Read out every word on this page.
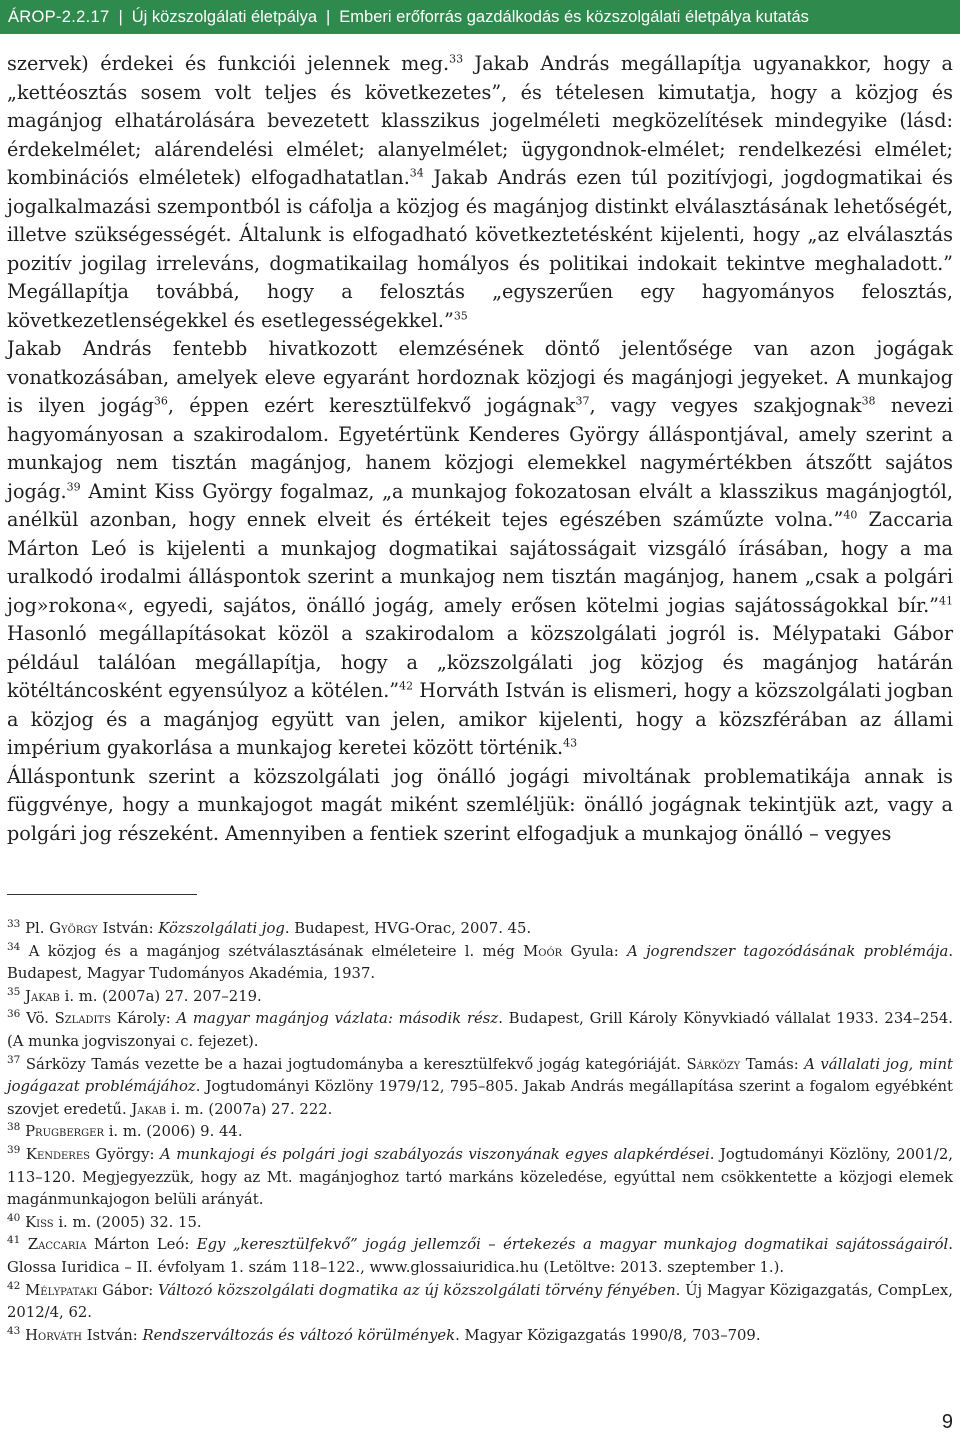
ÁROP-2.2.17 | Új közszolgálati életpálya | Emberi erőforrás gazdálkodás és közszolgálati életpálya kutatás

szervek) érdekei és funkciói jelennek meg.$^{33}$ Jakab András megállapítja ugyanakkor, hogy a „kettéosztás sosem volt teljes és következetes”, és tételesen kimutatja, hogy a közjog és magánjog elhatárolására bevezetett klasszikus jogelméleti megközelítések mindegyike (lásd: érdekelmélet; alárendelési elmélet; alanyelmélet; ügygondnok-elmélet; rendelkezési elmélet; kombinációs elméletek) elfogadhatatlan.$^{34}$ Jakab András ezen túl pozitívjogi, jogdogmatikai és jogalkalmazási szempontból is cáfolja a közjog és magánjog distinkt elválasztásának lehetőségét, illetve szükségességét. Általunk is elfogadható következtetésként kijelenti, hogy „az elválasztás pozitív jogilag irreleváns, dogmatikailag homályos és politikai indokait tekintve meghaladott.” Megállapítja továbbá, hogy a felosztás „egyszerűen egy hagyományos felosztás, következetlenségekkel és esetlegességekkel.”$^{35}$

Jakab András fentebb hivatkozott elemzésének döntő jelentősége van azon jogágak vonatkozásában, amelyek eleve egyaránt hordoznak közjogi és magánjogi jegyeket. A munkajog is ilyen jogág$^{36}$, éppen ezért keresztülfekvő jogágnak$^{37}$, vagy vegyes szakjognak$^{38}$ nevezi hagyományosan a szakirodalom. Egyetértünk Kenderes György álláspontjával, amely szerint a munkajog nem tisztán magánjog, hanem közjogi elemekkel nagymértékben átszőtt sajátos jogág.$^{39}$ Amint Kiss György fogalmaz, „a munkajog fokozatosan elvált a klasszikus magánjogtól, anélkül azonban, hogy ennek elveit és értékeit tejes egészében száműzte volna.”$^{40}$ Zaccaria Márton Leó is kijelenti a munkajog dogmatikai sajátosságait vizsgáló írásában, hogy a ma uralkodó irodalmi álláspontok szerint a munkajog nem tisztán magánjog, hanem „csak a polgári jog»rokona«, egyedi, sajátos, önálló jogág, amely erősen kötelmi jogias sajátosságokkal bír.”$^{41}$ Hasonló megállapításokat közöl a szakirodalom a közszolgálati jogról is. Mélypataki Gábor például találóan megállapítja, hogy a „közszolgálati jog közjog és magánjog határán kötéltáncosként egyensúlyoz a kötélen.”$^{42}$ Horváth István is elismeri, hogy a közszolgálati jogban a közjog és a magánjog együtt van jelen, amikor kijelenti, hogy a közszférában az állami impérium gyakorlása a munkajog keretei között történik.$^{43}$

Álláspontunk szerint a közszolgálati jog önálló jogági mivoltának problematikája annak is függvénye, hogy a munkajogot magát miként szemléljük: önálló jogágnak tekintjük azt, vagy a polgári jog részeként. Amennyiben a fentiek szerint elfogadjuk a munkajog önálló – vegyes

$^{33}$ Pl. György István: Közszolgálati jog. Budapest, HVG-Orac, 2007. 45.

$^{34}$ A közjog és a magánjog szétválasztásának elméleteire l. még Moór Gyula: A jogrendszer tagozódásának problémája. Budapest, Magyar Tudományos Akadémia, 1937.

$^{35}$ Jakab i. m. (2007a) 27. 207–219.

$^{36}$ Vö. Szladits Károly: A magyar magánjog vázlata: második rész. Budapest, Grill Károly Könyvkiadó vállalat 1933. 234–254. (A munka jogviszonyai c. fejezet).

$^{37}$ Sárközy Tamás vezette be a hazai jogtudományba a keresztülfekvő jogág kategóriáját. Sárközy Tamás: A vállalati jog, mint jogágazat problémájához. Jogtudományi Közlöny 1979/12, 795–805. Jakab András megállapítása szerint a fogalom egyébként szovjet eredetű. Jakab i. m. (2007a) 27. 222.

$^{38}$ Prugberger i. m. (2006) 9. 44.

$^{39}$ Kenderes György: A munkajogi és polgári jogi szabályozás viszonyának egyes alapkérdései. Jogtudományi Közlöny, 2001/2, 113–120. Megjegyezzük, hogy az Mt. magánjoghoz tartó markáns közeledése, egyúttal nem csökkentette a közjogi elemek magánmunkajogon belüli arányát.

$^{40}$ Kiss i. m. (2005) 32. 15.

$^{41}$ Zaccaria Márton Leó: Egy „keresztülfekvő” jogág jellemzői – értekezés a magyar munkajog dogmatikai sajátosságairól. Glossa Iuridica – II. évfolyam 1. szám 118–122., www.glossaiuridica.hu (Letöltve: 2013. szeptember 1.).

$^{42}$ Mélypataki Gábor: Változó közszolgálati dogmatika az új közszolgálati törvény fényében. Új Magyar Közigazgatás, CompLex, 2012/4, 62.

$^{43}$ Horváth István: Rendszerváltozás és változó körülmények. Magyar Közigazgatás 1990/8, 703–709.

9
